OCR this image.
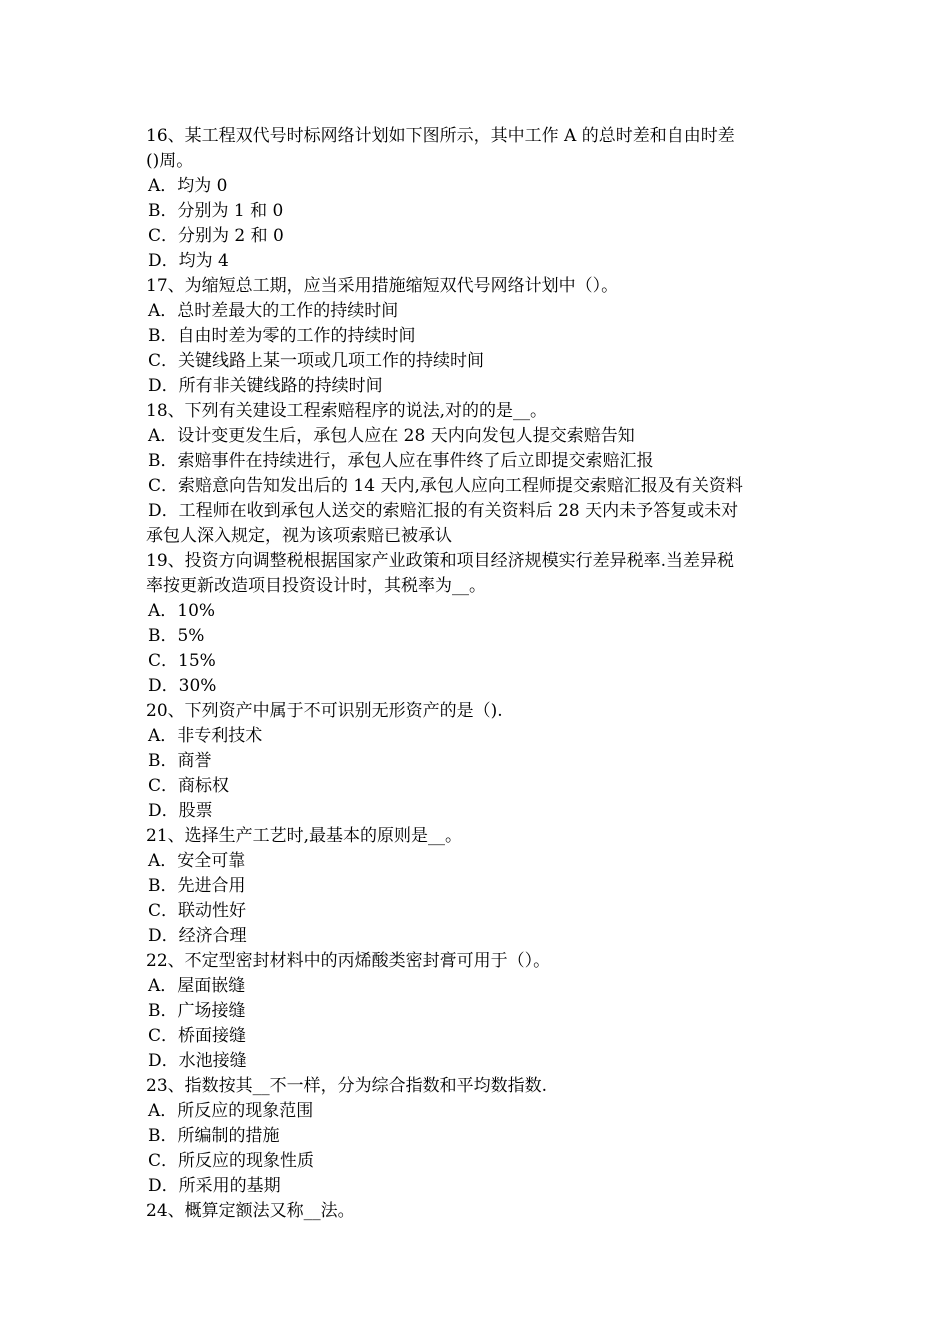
16、某工程双代号时标网络计划如下图所示，其中工作 A 的总时差和自由时差
()周。
A．均为 0
B．分别为 1 和 0
C．分别为 2 和 0
D．均为 4
17、为缩短总工期，应当采用措施缩短双代号网络计划中（）。
A．总时差最大的工作的持续时间
B．自由时差为零的工作的持续时间
C．关键线路上某一项或几项工作的持续时间
D．所有非关键线路的持续时间
18、下列有关建设工程索赔程序的说法,对的的是__。
A．设计变更发生后，承包人应在 28 天内向发包人提交索赔告知
B．索赔事件在持续进行，承包人应在事件终了后立即提交索赔汇报
C．索赔意向告知发出后的 14 天内,承包人应向工程师提交索赔汇报及有关资料
D．工程师在收到承包人送交的索赔汇报的有关资料后 28 天内未予答复或未对
承包人深入规定，视为该项索赔已被承认
19、投资方向调整税根据国家产业政策和项目经济规模实行差异税率.当差异税
率按更新改造项目投资设计时，其税率为__。
A．10%
B．5%
C．15%
D．30%
20、下列资产中属于不可识别无形资产的是（).
A．非专利技术
B．商誉
C．商标权
D．股票
21、选择生产工艺时,最基本的原则是__。
A．安全可靠
B．先进合用
C．联动性好
D．经济合理
22、不定型密封材料中的丙烯酸类密封膏可用于（）。
A．屋面嵌缝
B．广场接缝
C．桥面接缝
D．水池接缝
23、指数按其__不一样，分为综合指数和平均数指数.
A．所反应的现象范围
B．所编制的措施
C．所反应的现象性质
D．所采用的基期
24、概算定额法又称__法。
